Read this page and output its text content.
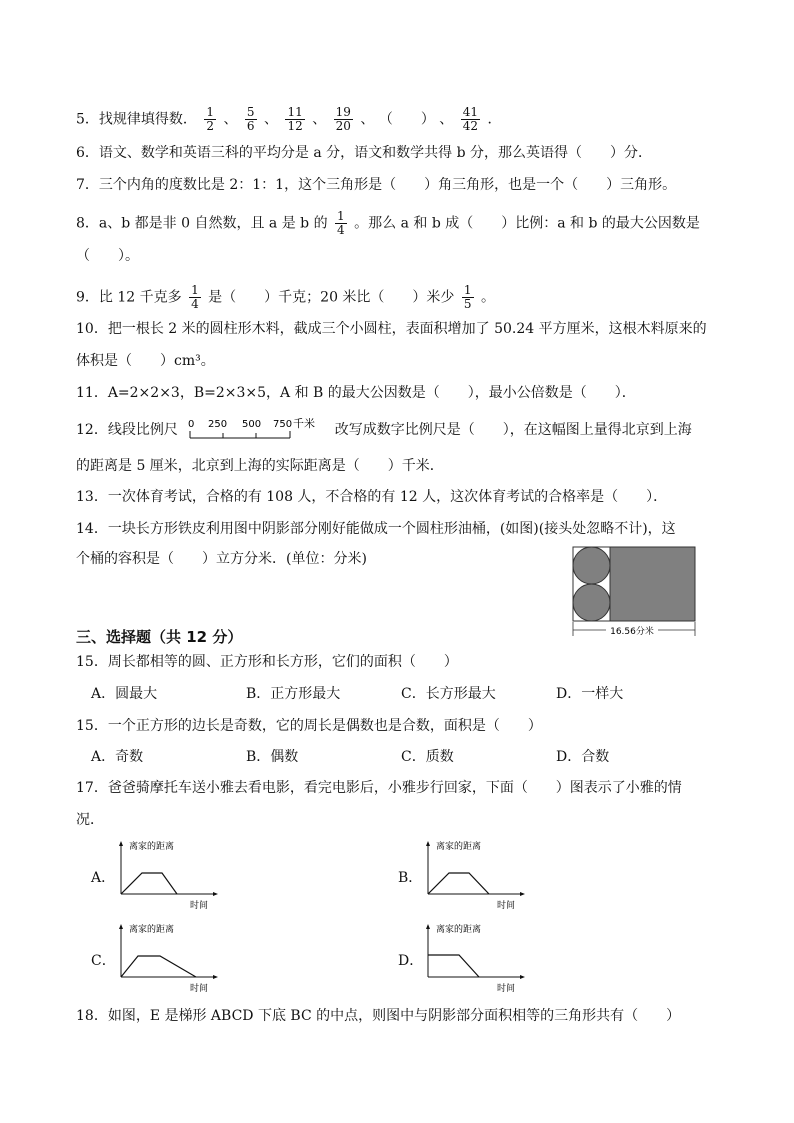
5．找规律填得数． $\frac{1}{2}$ 、 $\frac{5}{6}$ 、 $\frac{11}{12}$ 、 $\frac{19}{20}$ 、 （　　） 、 $\frac{41}{42}$ ．
6．语文、数学和英语三科的平均分是 a 分，语文和数学共得 b 分，那么英语得（　　）分．
7．三个内角的度数比是 2：1：1，这个三角形是（　　）角三角形，也是一个（　　）三角形。
8．a、b 都是非 0 自然数，且 a 是 b 的 $\frac{1}{4}$ 。那么 a 和 b 成（　　）比例：a 和 b 的最大公因数是
（　　）。
9．比 12 千克多 $\frac{1}{4}$ 是（　　）千克；20 米比（　　）米少 $\frac{1}{5}$ 。
10．把一根长 2 米的圆柱形木料，截成三个小圆柱，表面积增加了 50.24 平方厘米，这根木料原来的
体积是（　　）cm³。
11．A=2×2×3，B=2×3×5，A 和 B 的最大公因数是（　　），最小公倍数是（　　）．
12．线段比例尺 0 250 500 750 千米 改写成数字比例尺是（　　），在这幅图上量得北京到上海
的距离是 5 厘米，北京到上海的实际距离是（　　）千米．
13．一次体育考试，合格的有 108 人，不合格的有 12 人，这次体育考试的合格率是（　　）．
14．一块长方形铁皮利用图中阴影部分刚好能做成一个圆柱形油桶，(如图)(接头处忽略不计)，这
个桶的容积是（　　）立方分米．(单位：分米)
16.56分米
三、选择题（共 12 分）
15．周长都相等的圆、正方形和长方形，它们的面积（　　）
A．圆最大	B．正方形最大	C．长方形最大	D．一样大
15．一个正方形的边长是奇数，它的周长是偶数也是合数，面积是（　　）
A．奇数	B．偶数	C．质数	D．合数
17．爸爸骑摩托车送小雅去看电影，看完电影后，小雅步行回家，下面（　　）图表示了小雅的情
况．
A．
离家的距离
时间
B．
离家的距离
时间
C．
离家的距离
时间
D．
离家的距离
时间
18．如图，E 是梯形 ABCD 下底 BC 的中点，则图中与阴影部分面积相等的三角形共有（　　）
